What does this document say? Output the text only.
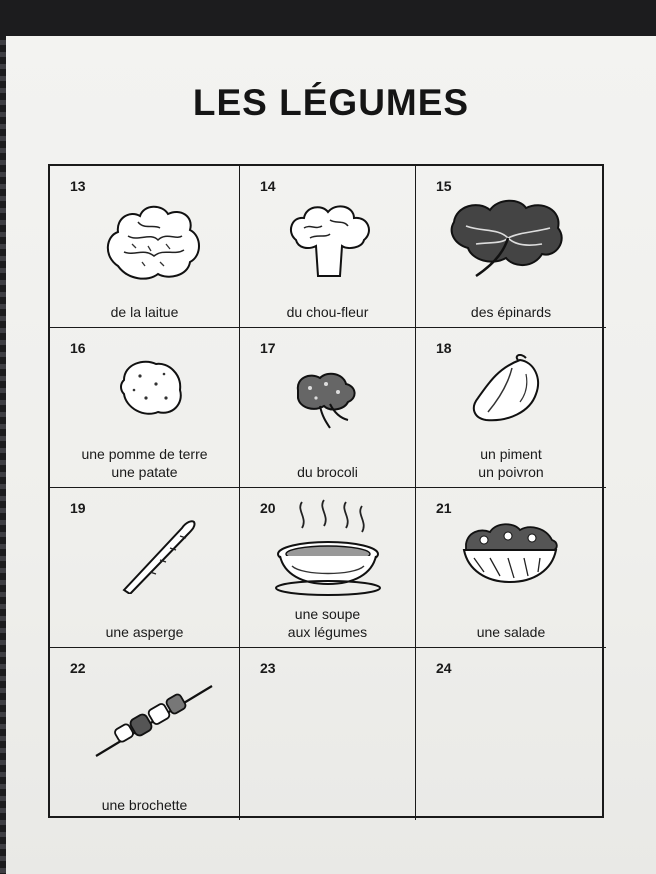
LES LÉGUMES
13
de la laitue
14
du chou-fleur
15
des épinards
16
une pomme de terre
une patate
17
du brocoli
18
un piment
un poivron
19
une asperge
20
une soupe
aux légumes
21
une salade
22
une brochette
23	24
